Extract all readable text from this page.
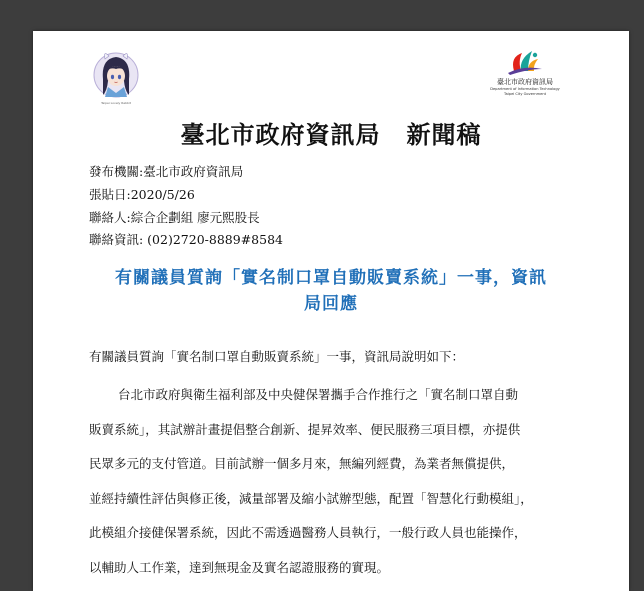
Taipei Lovely Rabbit
臺北市政府資訊局
Department of Information Technology
Taipei City Government
臺北市政府資訊局 新聞稿
發布機關:臺北市政府資訊局
張貼日:2020/5/26
聯絡人:綜合企劃組 廖元熙股長
聯絡資訊: (02)2720-8889#8584
有關議員質詢「實名制口罩自動販賣系統」一事，資訊
局回應
有關議員質詢「實名制口罩自動販賣系統」一事，資訊局說明如下：
台北市政府與衛生福利部及中央健保署攜手合作推行之「實名制口罩自動
販賣系統」，其試辦計畫提倡整合創新、提昇效率、便民服務三項目標，亦提供
民眾多元的支付管道。目前試辦一個多月來，無編列經費，為業者無償提供，
並經持續性評估與修正後，減量部署及縮小試辦型態，配置「智慧化行動模組」，
此模組介接健保署系統，因此不需透過醫務人員執行，一般行政人員也能操作，
以輔助人工作業，達到無現金及實名認證服務的實現。
